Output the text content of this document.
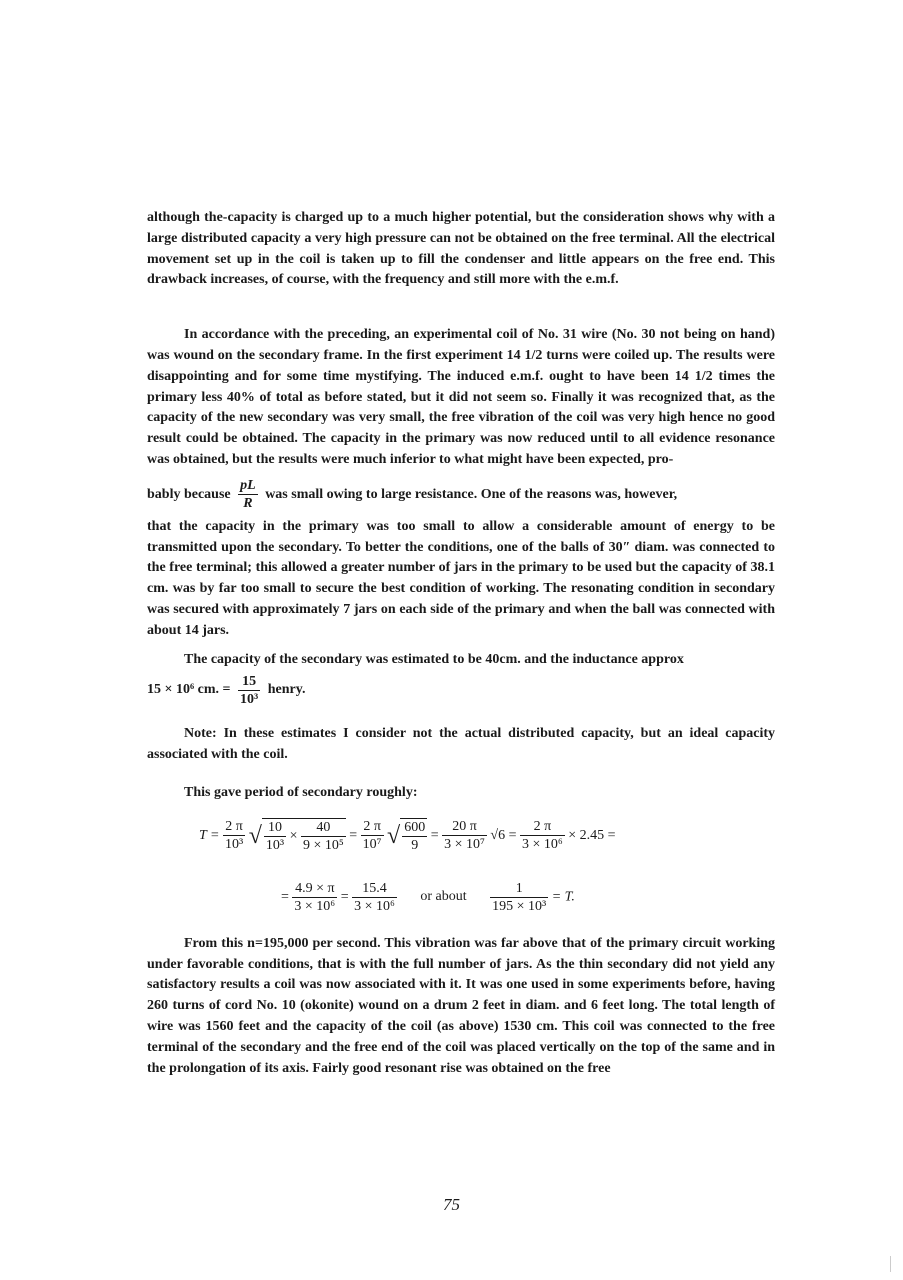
although the-capacity is charged up to a much higher potential, but the consideration shows why with a large distributed capacity a very high pressure can not be obtained on the free terminal. All the electrical movement set up in the coil is taken up to fill the condenser and little appears on the free end. This drawback increases, of course, with the frequency and still more with the e.m.f.

In accordance with the preceding, an experimental coil of No. 31 wire (No. 30 not being on hand) was wound on the secondary frame. In the first experiment 14 1/2 turns were coiled up. The results were disappointing and for some time mystifying. The induced e.m.f. ought to have been 14 1/2 times the primary less 40% of total as before stated, but it did not seem so. Finally it was recognized that, as the capacity of the new secondary was very small, the free vibration of the coil was very high hence no good result could be obtained. The capacity in the primary was now reduced until to all evidence resonance was obtained, but the results were much inferior to what might have been expected, pro-

bably because $\frac{pL}{R}$ was small owing to large resistance. One of the reasons was, however,

that the capacity in the primary was too small to allow a considerable amount of energy to be transmitted upon the secondary. To better the conditions, one of the balls of 30″ diam. was connected to the free terminal; this allowed a greater number of jars in the primary to be used but the capacity of 38.1 cm. was by far too small to secure the best condition of working. The resonating condition in secondary was secured with approximately 7 jars on each side of the primary and when the ball was connected with about 14 jars.

The capacity of the secondary was estimated to be 40cm. and the inductance approx

15 × 10⁶ cm. = $\frac{15}{\text{10³}}$ henry.

Note: In these estimates I consider not the actual distributed capacity, but an ideal capacity associated with the coil.

This gave period of secondary roughly:

$T = \frac{2 \pi}{\text{10³}}$ √ $\frac{10}{\text{10³}} \times \frac{40}{\text{9 × 10⁵}} = \frac{2 \pi}{\text{10⁷}}$ √ $\frac{600}{9} = \frac{20 \pi}{\text{3 × 10⁷}} √6 = \frac{2 \pi}{\text{3 × 10⁶}} \times 2.45$ =
= $\frac{4.9 \times \pi}{\text{3 × 10⁶}} = \frac{15.4}{\text{3 × 10⁶}}$ or about $\frac{1}{\text{195 × 10³}} = T$.

From this n=195,000 per second. This vibration was far above that of the primary circuit working under favorable conditions, that is with the full number of jars. As the thin secondary did not yield any satisfactory results a coil was now associated with it. It was one used in some experiments before, having 260 turns of cord No. 10 (okonite) wound on a drum 2 feet in diam. and 6 feet long. The total length of wire was 1560 feet and the capacity of the coil (as above) 1530 cm. This coil was connected to the free terminal of the secondary and the free end of the coil was placed vertically on the top of the same and in the prolongation of its axis. Fairly good resonant rise was obtained on the free

75
